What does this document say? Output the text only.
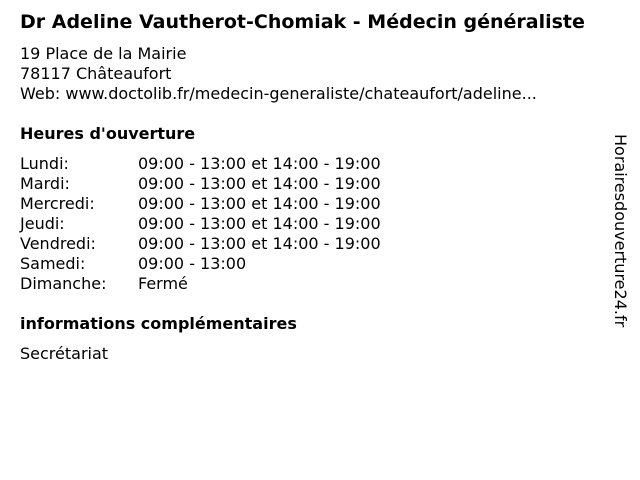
Dr Adeline Vautherot-Chomiak - Médecin généraliste
19 Place de la Mairie
78117 Châteaufort
Web: www.doctolib.fr/medecin-generaliste/chateaufort/adeline...
Heures d'ouverture
Lundi:	09:00 - 13:00 et 14:00 - 19:00
Mardi:	09:00 - 13:00 et 14:00 - 19:00
Mercredi:	09:00 - 13:00 et 14:00 - 19:00
Jeudi:	09:00 - 13:00 et 14:00 - 19:00
Vendredi:	09:00 - 13:00 et 14:00 - 19:00
Samedi:	09:00 - 13:00
Dimanche:	Fermé
informations complémentaires
Secrétariat
Horairesdouverture24.fr
